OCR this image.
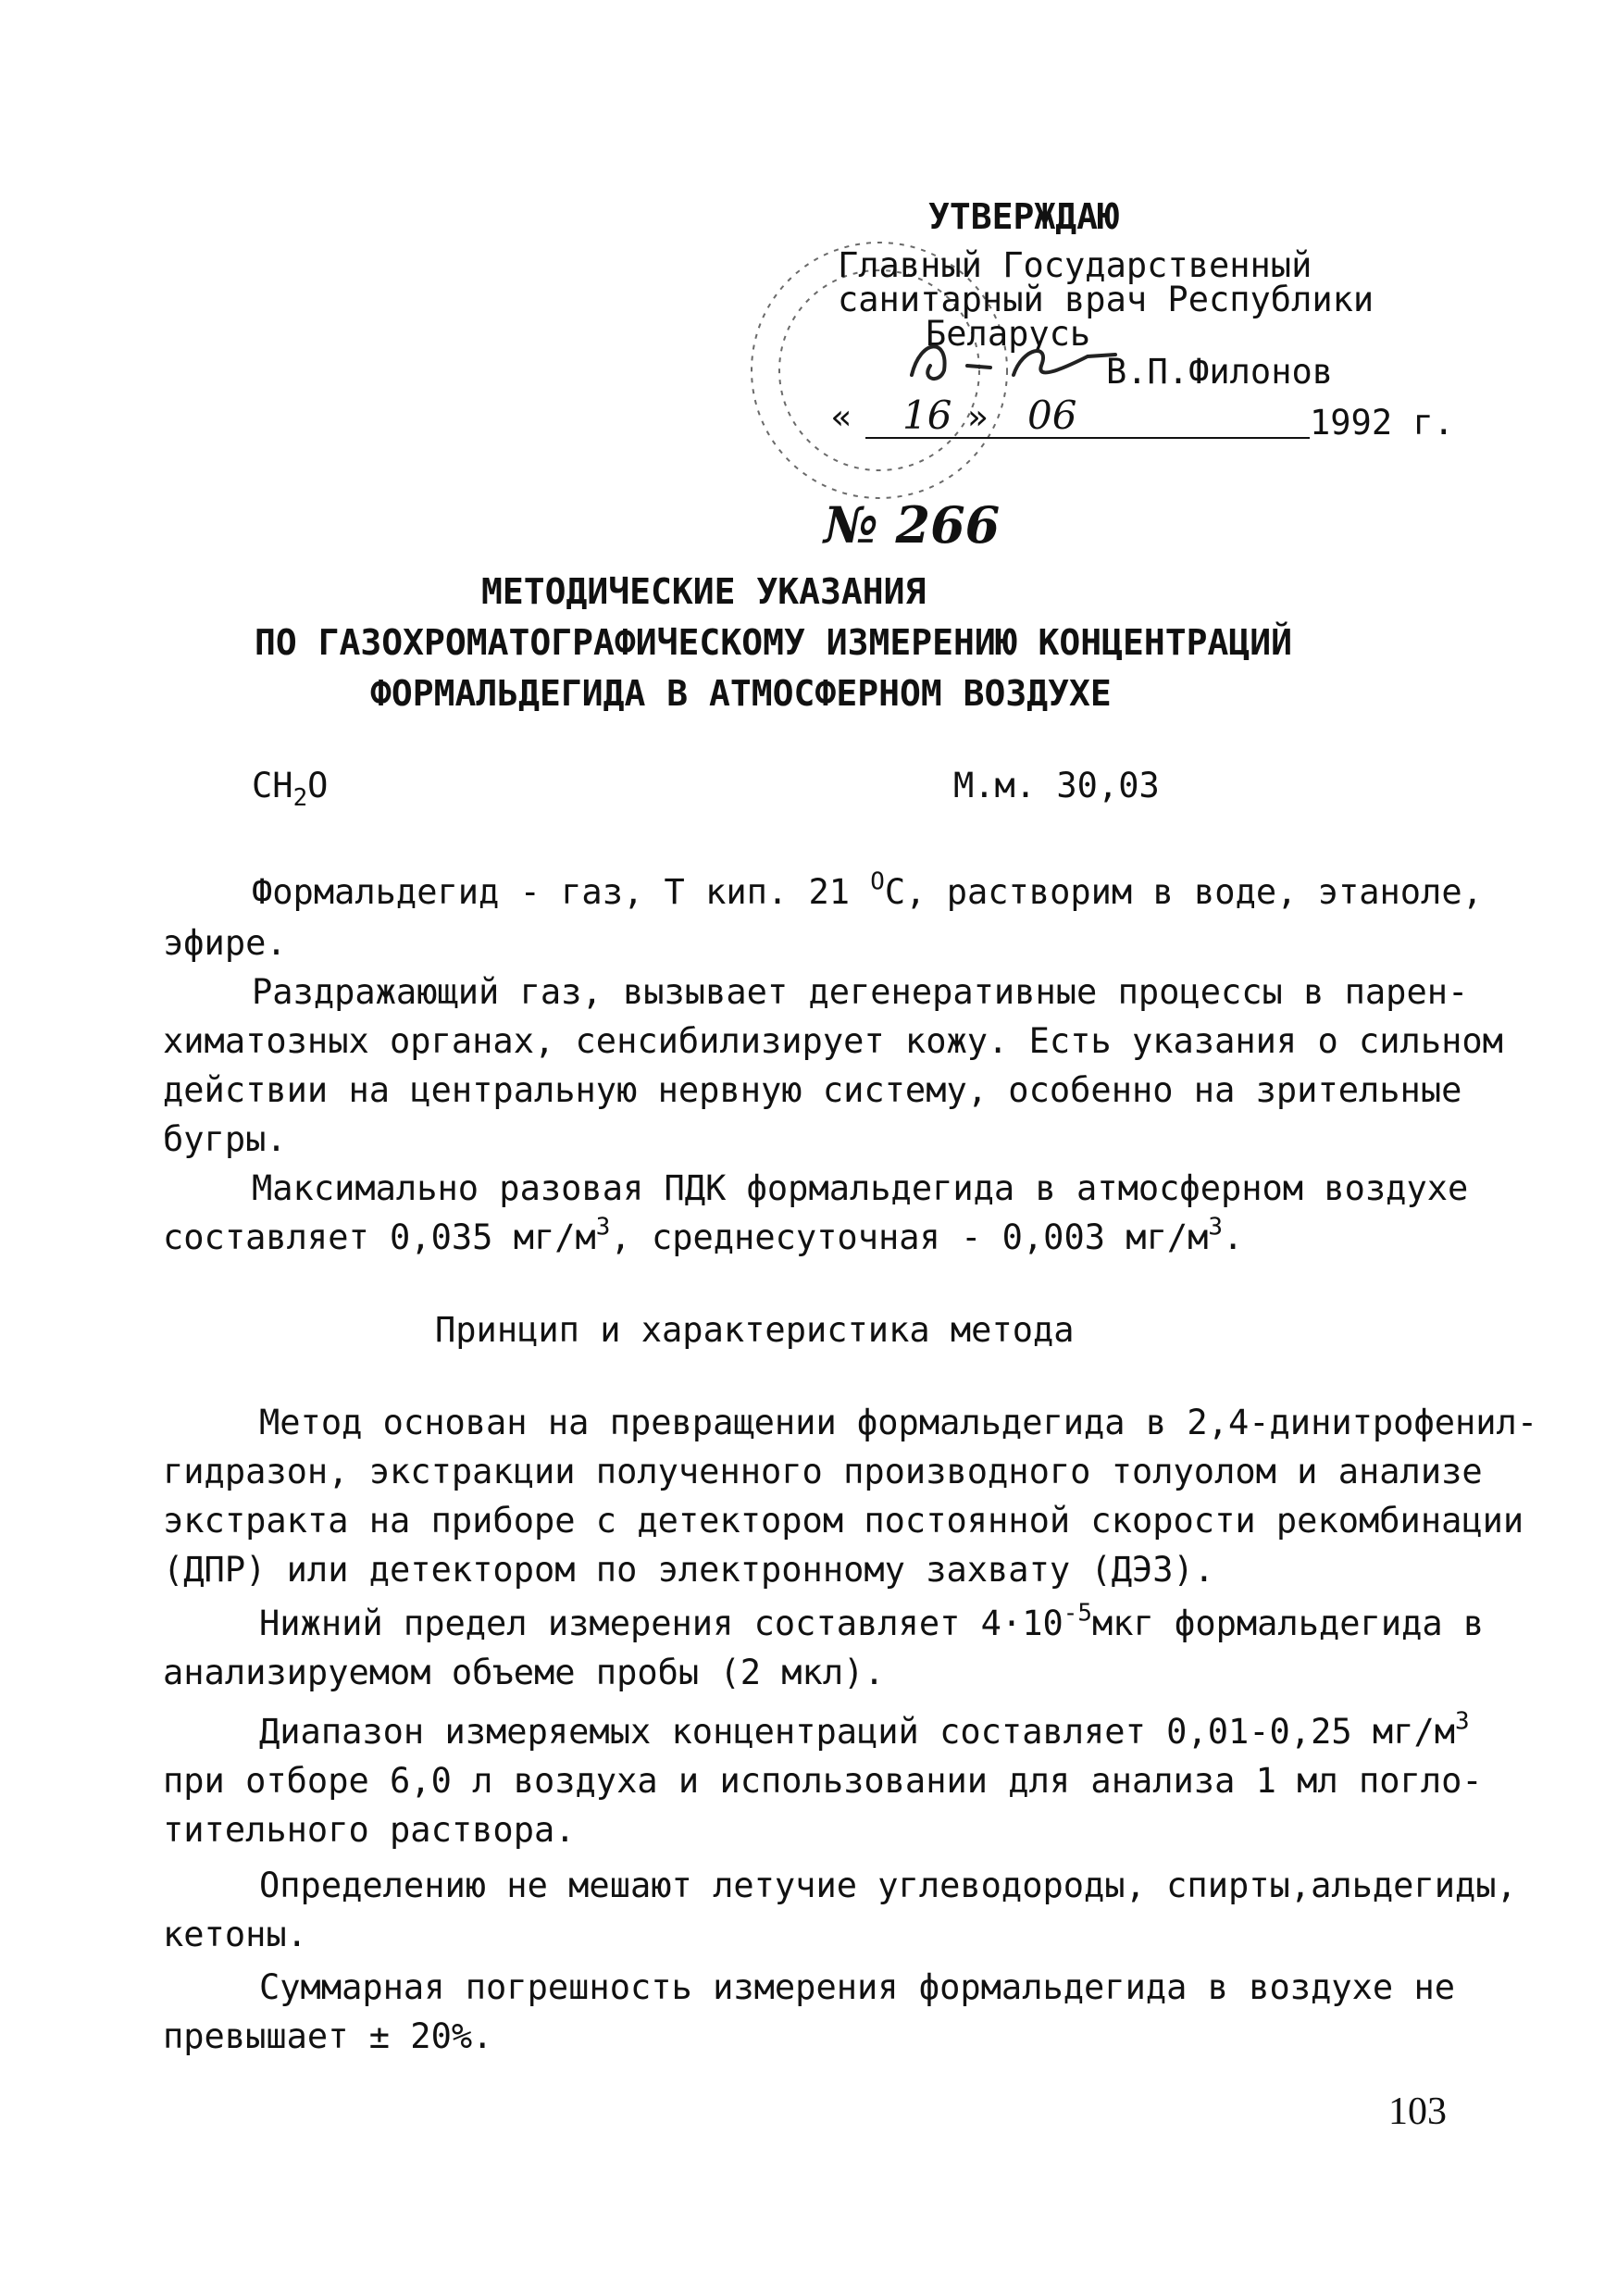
УТВЕРЖДАЮ
Главный Государственный
санитарный врач Республики
Беларусь
В.П.Филонов
« 16 » 06	1992 г.
№ 266
МЕТОДИЧЕСКИЕ УКАЗАНИЯ
ПО ГАЗОХРОМАТОГРАФИЧЕСКОМУ ИЗМЕРЕНИЮ КОНЦЕНТРАЦИЙ
ФОРМАЛЬДЕГИДА В АТМОСФЕРНОМ ВОЗДУХЕ
$CH_2O$	М.м. 30,03
Формальдегид - газ, Т кип. 21 $^O$C, растворим в воде, этаноле,
эфире.
Раздражающий газ, вызывает дегенеративные процессы в парен-
химатозных органах, сенсибилизирует кожу. Есть указания о сильном
действии на центральную нервную систему, особенно на зрительные
бугры.
Максимально разовая ПДК формальдегида в атмосферном воздухе
составляет 0,035 $мг/м^3$, среднесуточная - 0,003 $мг/м^3$.
Принцип и характеристика метода
Метод основан на превращении формальдегида в 2,4-динитрофенил-
гидразон, экстракции полученного производного толуолом и анализе
экстракта на приборе с детектором постоянной скорости рекомбинации
(ДПР) или детектором по электронному захвату (ДЭЗ).
Нижний предел измерения составляет $4\cdot 10^{-5}мкг$ формальдегида в
анализируемом объеме пробы (2 мкл).
Диапазон измеряемых концентраций составляет 0,01-0,25 $мг/м^3$
при отборе 6,0 л воздуха и использовании для анализа 1 мл погло-
тительного раствора.
Определению не мешают летучие углеводороды, спирты,альдегиды,
кетоны.
Суммарная погрешность измерения формальдегида в воздухе не
превышает ± 20%.
103
